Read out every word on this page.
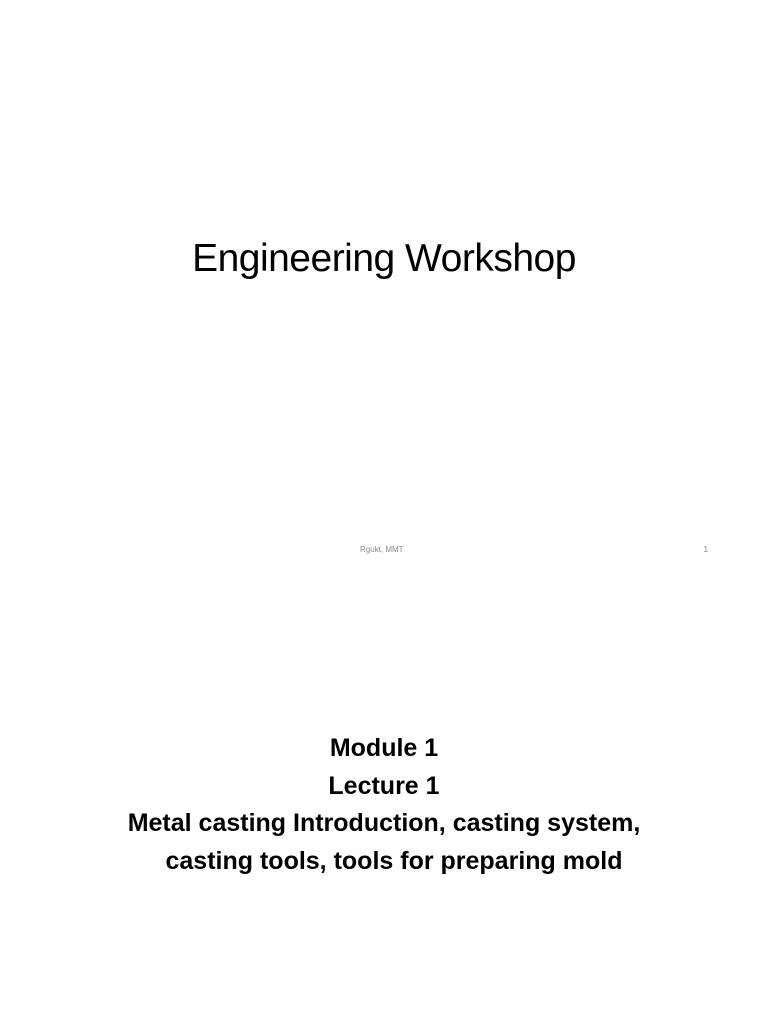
Engineering Workshop
Rgukt, MMT	1
Module 1
Lecture 1
Metal casting Introduction, casting system,
casting tools, tools for preparing mold
